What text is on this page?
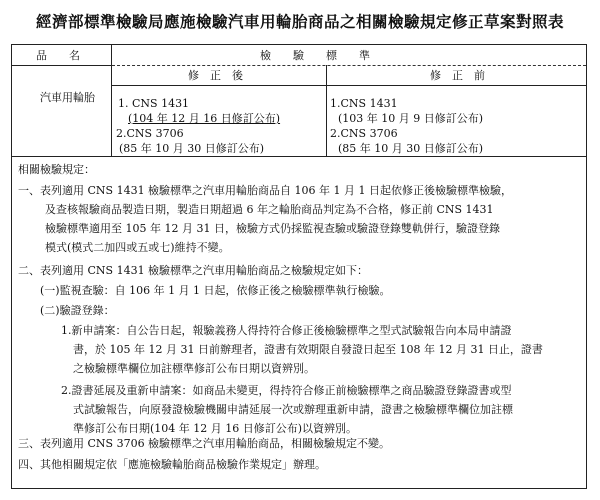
經濟部標準檢驗局應施檢驗汽車用輪胎商品之相關檢驗規定修正草案對照表
品　　名	檢　　驗　　標　　準
修　正　後	修　正　前
汽車用輪胎 1. CNS 1431
(104 年 12 月 16 日修訂公布)
2.CNS 3706
(85 年 10 月 30 日修訂公布)
1.CNS 1431
(103 年 10 月 9 日修訂公布)
2.CNS 3706
(85 年 10 月 30 日修訂公布)
相關檢驗規定：
一、表列適用 CNS 1431 檢驗標準之汽車用輪胎商品自 106 年 1 月 1 日起依修正後檢驗標準檢驗，
及查核報驗商品製造日期，製造日期超過 6 年之輪胎商品判定為不合格，修正前 CNS 1431
檢驗標準適用至 105 年 12 月 31 日，檢驗方式仍採監視查驗或驗證登錄雙軌併行，驗證登錄
模式(模式二加四或五或七)維持不變。
二、表列適用 CNS 1431 檢驗標準之汽車用輪胎商品之檢驗規定如下：
(一)監視查驗：自 106 年 1 月 1 日起，依修正後之檢驗標準執行檢驗。
(二)驗證登錄：
1.新申請案：自公告日起，報驗義務人得持符合修正後檢驗標準之型式試驗報告向本局申請證
書，於 105 年 12 月 31 日前辦理者，證書有效期限自發證日起至 108 年 12 月 31 日止，證書
之檢驗標準欄位加註標準修訂公布日期以資辨別。
2.證書延展及重新申請案：如商品未變更，得持符合修正前檢驗標準之商品驗證登錄證書或型
式試驗報告，向原發證檢驗機關申請延展一次或辦理重新申請，證書之檢驗標準欄位加註標
準修訂公布日期(104 年 12 月 16 日修訂公布)以資辨別。
三、表列適用 CNS 3706 檢驗標準之汽車用輪胎商品，相關檢驗規定不變。
四、其他相關規定依「應施檢驗輪胎商品檢驗作業規定」辦理。
